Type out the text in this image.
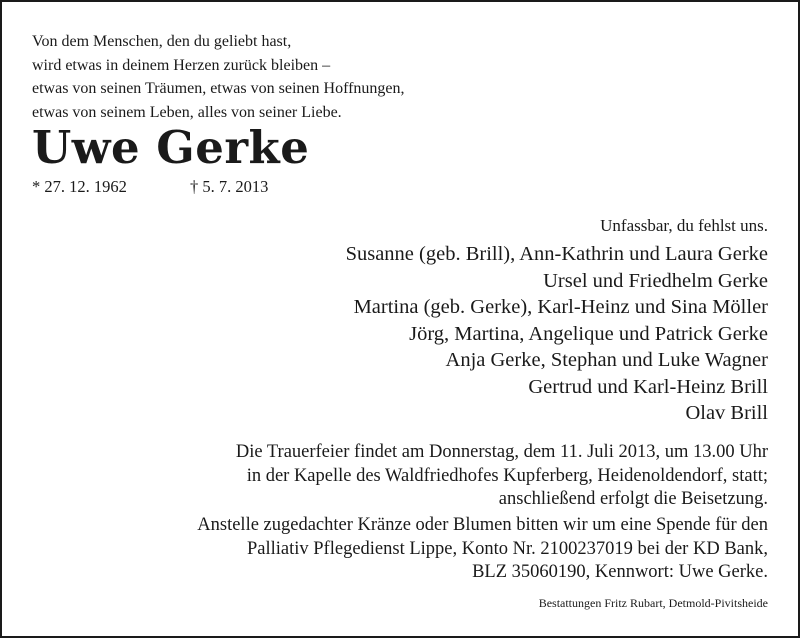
Von dem Menschen, den du geliebt hast,
wird etwas in deinem Herzen zurück bleiben –
etwas von seinen Träumen, etwas von seinen Hoffnungen,
etwas von seinem Leben, alles von seiner Liebe.
Uwe Gerke
* 27. 12. 1962	† 5. 7. 2013
Unfassbar, du fehlst uns.
Susanne (geb. Brill), Ann-Kathrin und Laura Gerke
Ursel und Friedhelm Gerke
Martina (geb. Gerke), Karl-Heinz und Sina Möller
Jörg, Martina, Angelique und Patrick Gerke
Anja Gerke, Stephan und Luke Wagner
Gertrud und Karl-Heinz Brill
Olav Brill
Die Trauerfeier findet am Donnerstag, dem 11. Juli 2013, um 13.00 Uhr
in der Kapelle des Waldfriedhofes Kupferberg, Heidenoldendorf, statt;
anschließend erfolgt die Beisetzung.
Anstelle zugedachter Kränze oder Blumen bitten wir um eine Spende für den
Palliativ Pflegedienst Lippe, Konto Nr. 2100237019 bei der KD Bank,
BLZ 35060190, Kennwort: Uwe Gerke.
Bestattungen Fritz Rubart, Detmold-Pivitsheide
